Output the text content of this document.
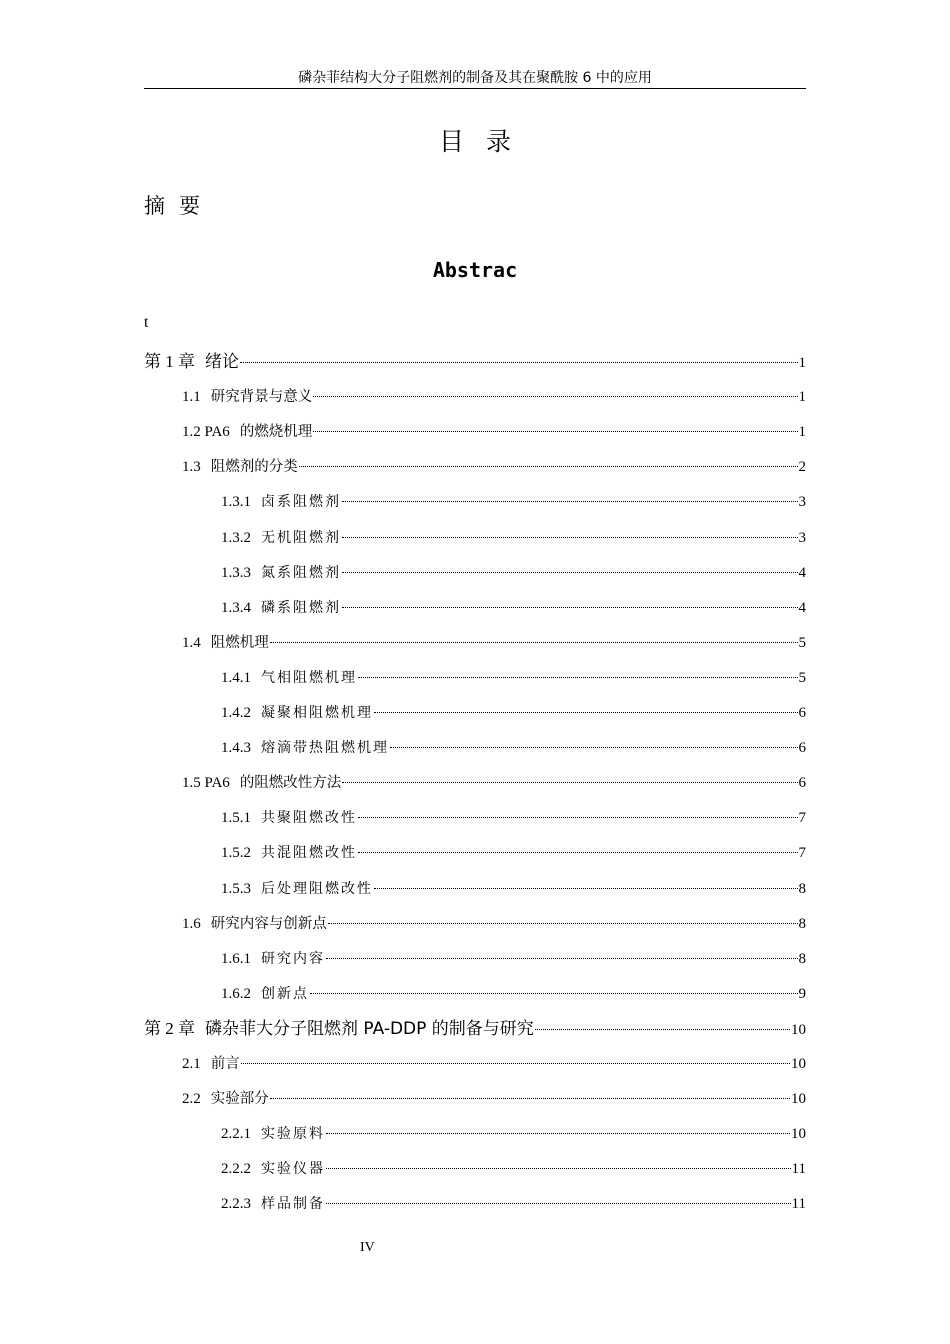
磷杂菲结构大分子阻燃剂的制备及其在聚酰胺 6 中的应用
目录
摘要
Abstrac
t
第 1 章 绪论	1
1.1 研究背景与意义	1
1.2 PA6 的燃烧机理	1
1.3 阻燃剂的分类	2
1.3.1 卤系阻燃剂	3
1.3.2 无机阻燃剂	3
1.3.3 氮系阻燃剂	4
1.3.4 磷系阻燃剂	4
1.4 阻燃机理	5
1.4.1 气相阻燃机理	5
1.4.2 凝聚相阻燃机理	6
1.4.3 熔滴带热阻燃机理	6
1.5 PA6 的阻燃改性方法	6
1.5.1 共聚阻燃改性	7
1.5.2 共混阻燃改性	7
1.5.3 后处理阻燃改性	8
1.6 研究内容与创新点	8
1.6.1 研究内容	8
1.6.2 创新点	9
第 2 章 磷杂菲大分子阻燃剂 PA-DDP 的制备与研究	10
2.1 前言	10
2.2 实验部分	10
2.2.1 实验原料	10
2.2.2 实验仪器	11
2.2.3 样品制备	11
IV
